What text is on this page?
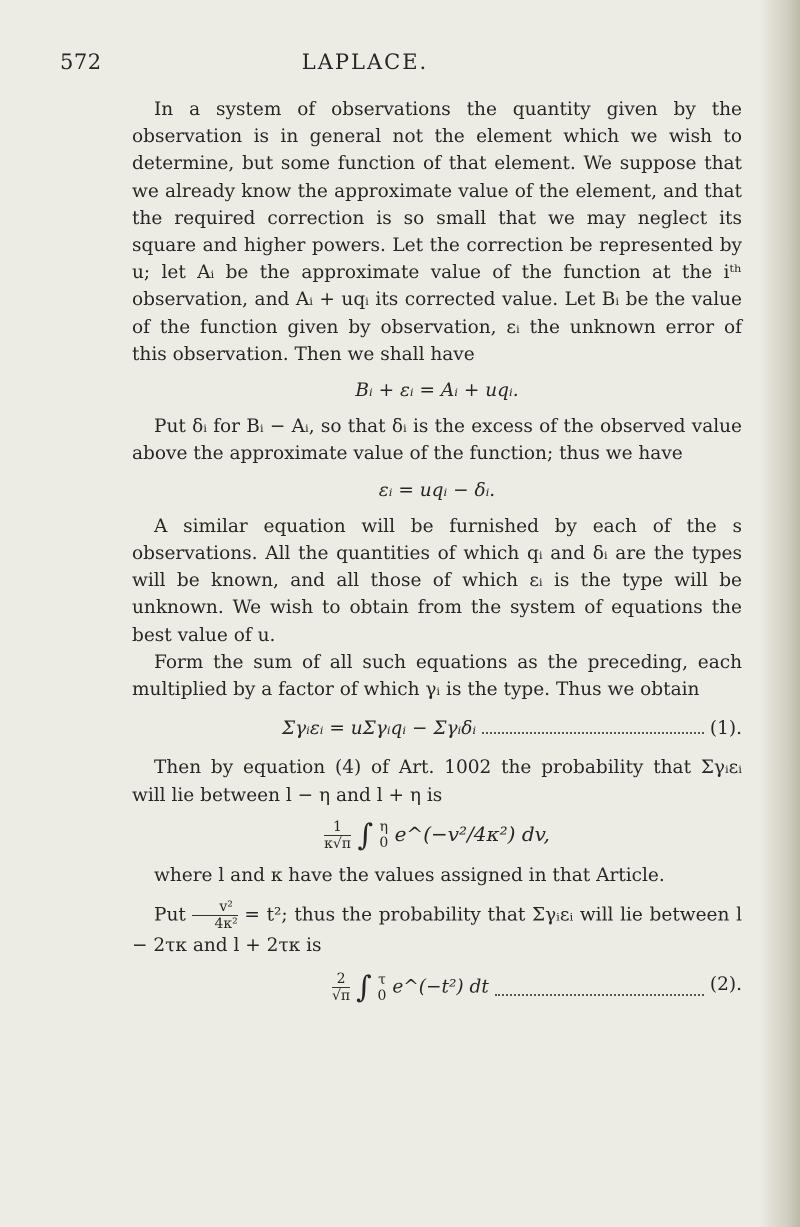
572	LAPLACE.

In a system of observations the quantity given by the observation is in general not the element which we wish to determine, but some function of that element. We suppose that we already know the approximate value of the element, and that the required correction is so small that we may neglect its square and higher powers. Let the correction be represented by u; let Aᵢ be the approximate value of the function at the iᵗʰ observation, and Aᵢ + uqᵢ its corrected value. Let Bᵢ be the value of the function given by observation, εᵢ the unknown error of this observation. Then we shall have

Bᵢ + εᵢ = Aᵢ + uqᵢ.

Put δᵢ for Bᵢ − Aᵢ, so that δᵢ is the excess of the observed value above the approximate value of the function; thus we have

εᵢ = uqᵢ − δᵢ.

A similar equation will be furnished by each of the s observations. All the quantities of which qᵢ and δᵢ are the types will be known, and all those of which εᵢ is the type will be unknown. We wish to obtain from the system of equations the best value of u.

Form the sum of all such equations as the preceding, each multiplied by a factor of which γᵢ is the type. Thus we obtain

Σγᵢεᵢ = uΣγᵢqᵢ − Σγᵢδᵢ	(1).

Then by equation (4) of Art. 1002 the probability that Σγᵢεᵢ will lie between l − η and l + η is

$\frac{1}{\kappa√\pi}$ ∫ η
0 e^(−v²/4κ²) dv,

where l and κ have the values assigned in that Article.

Put $\frac{\text{v²}}{\text{4κ²}} = t^2$; thus the probability that Σγᵢεᵢ will lie between l − 2τκ and l + 2τκ is

$\frac{2}{√\pi}$ ∫ τ
0 e^(−t²) dt	(2).
